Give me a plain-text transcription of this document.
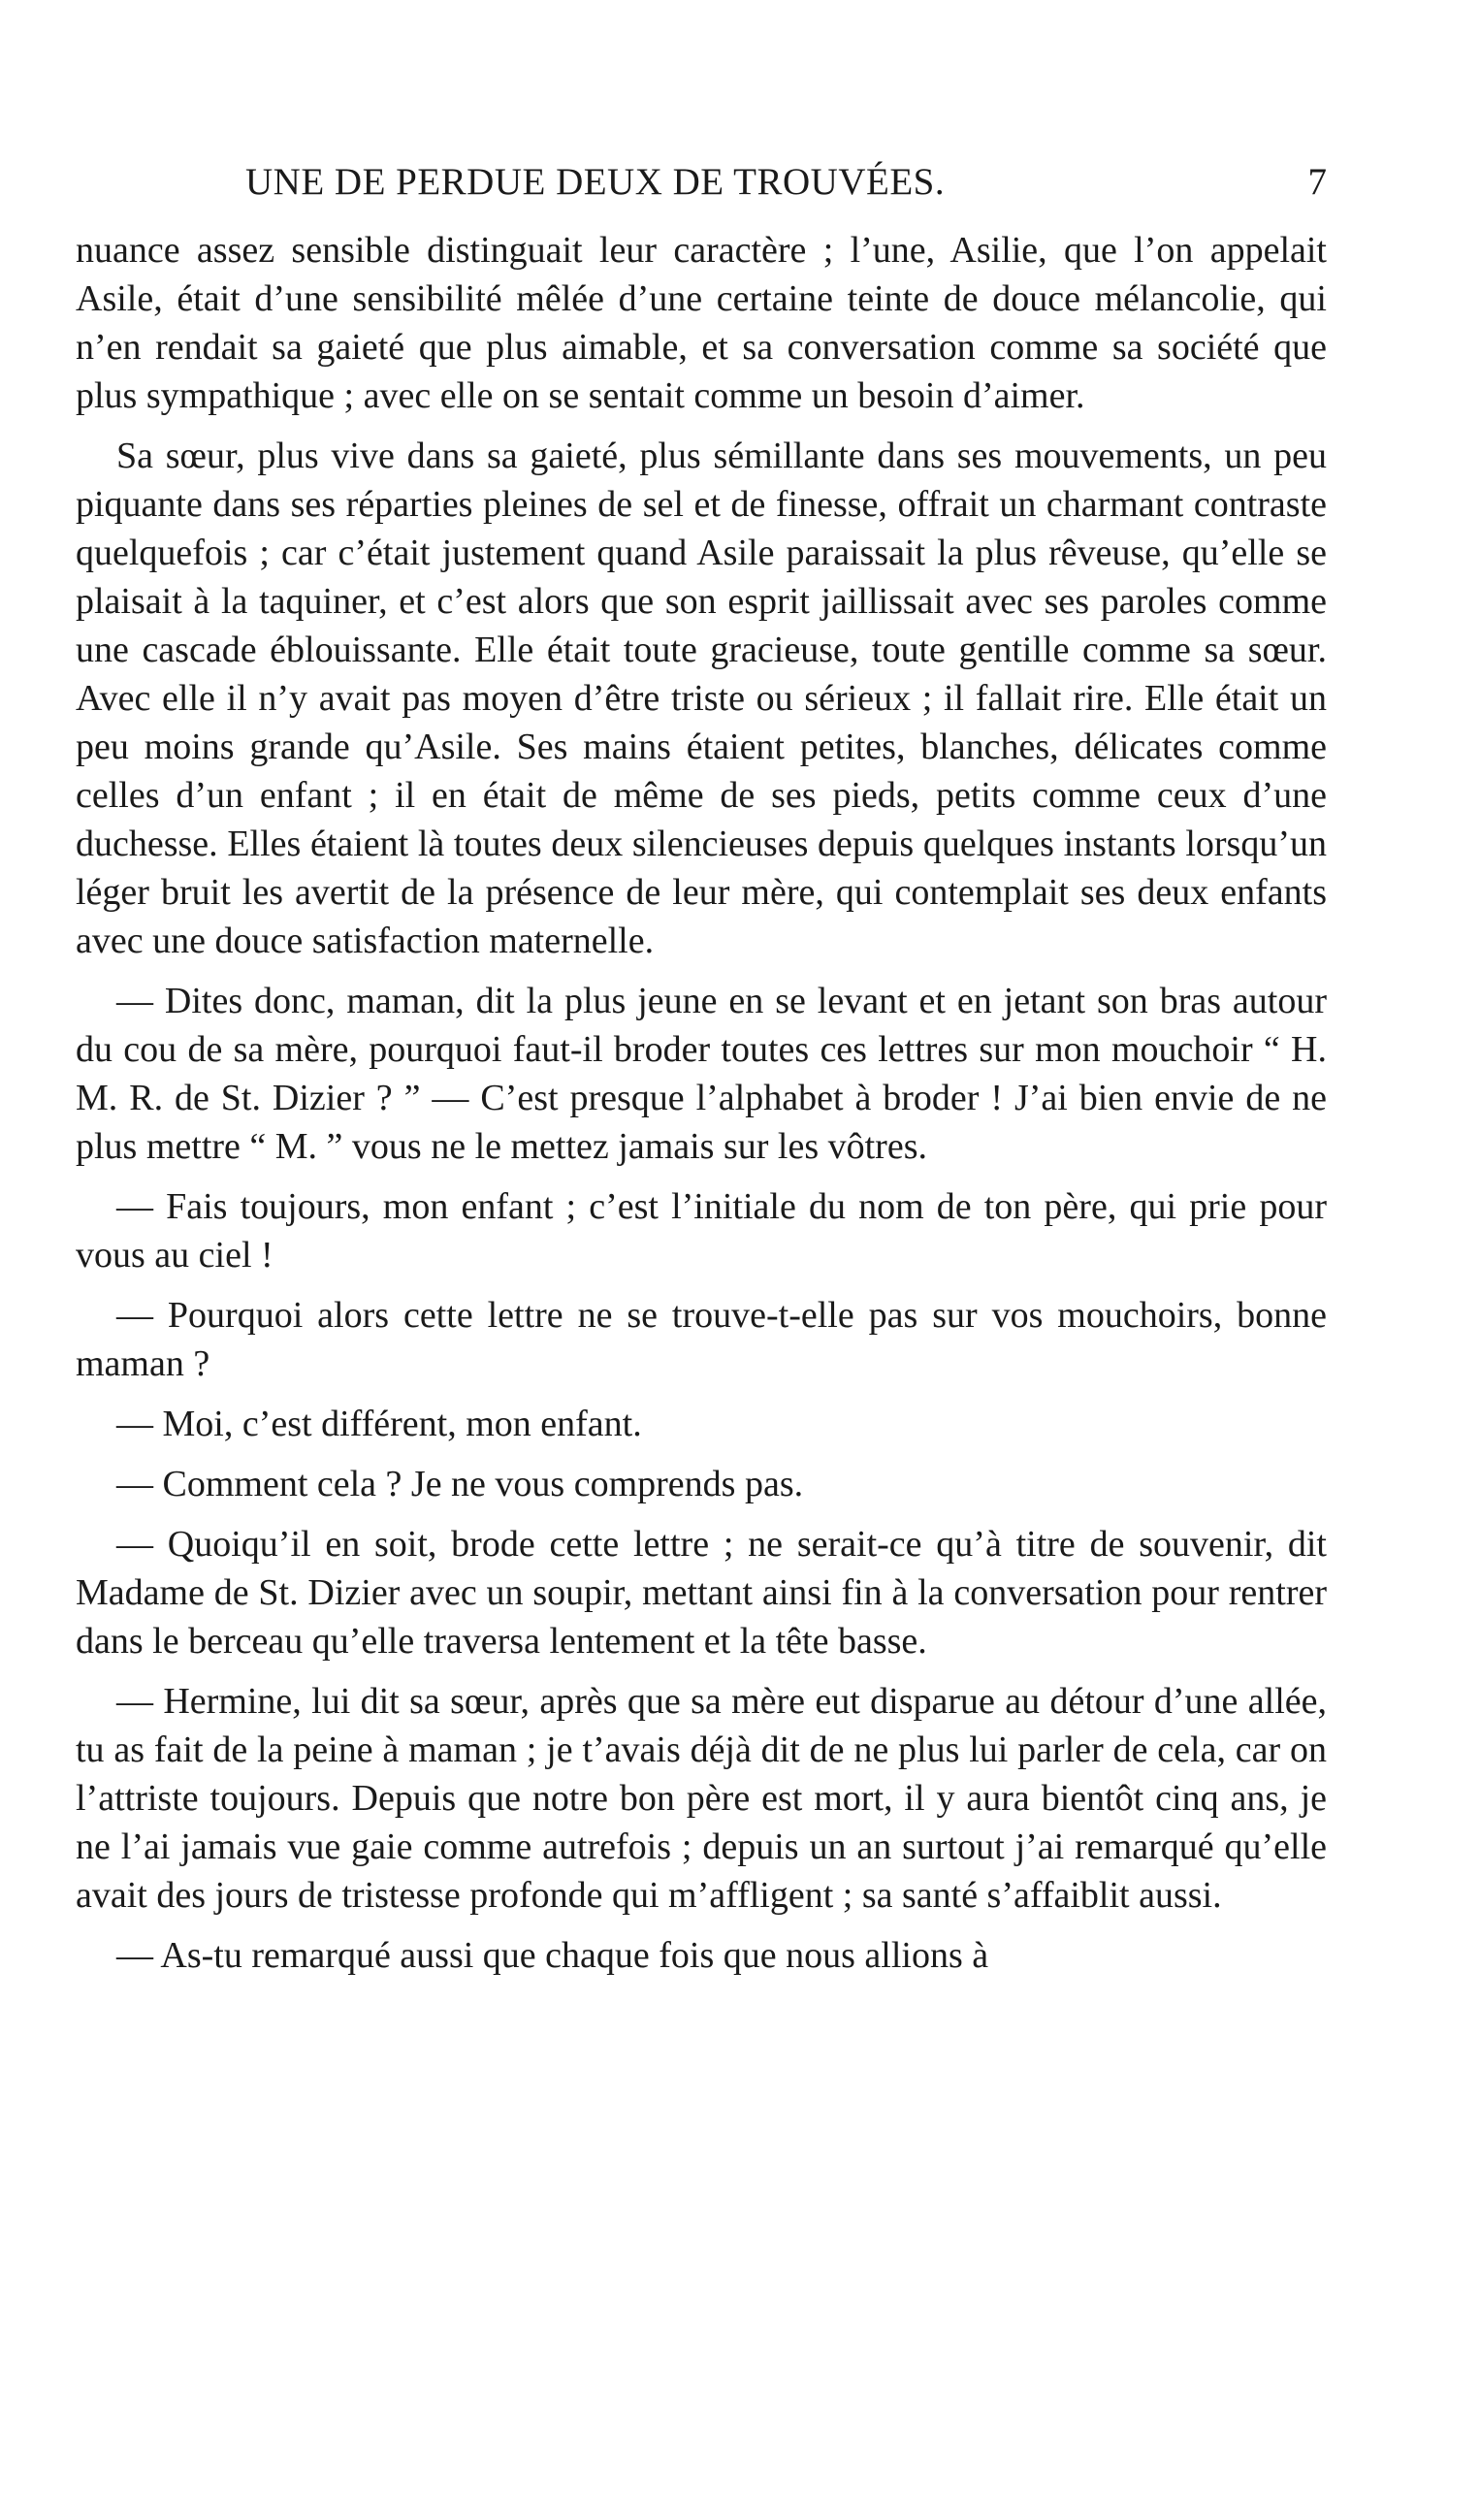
UNE DE PERDUE DEUX DE TROUVÉES.	7

nuance assez sensible distinguait leur caractère ; l’une, Asilie, que l’on appelait Asile, était d’une sensibilité mêlée d’une certaine teinte de douce mélancolie, qui n’en rendait sa gaieté que plus aimable, et sa conversation comme sa société que plus sympathique ; avec elle on se sentait comme un besoin d’aimer.

Sa sœur, plus vive dans sa gaieté, plus sémillante dans ses mouvements, un peu piquante dans ses réparties pleines de sel et de finesse, offrait un charmant contraste quelquefois ; car c’était justement quand Asile paraissait la plus rêveuse, qu’elle se plaisait à la taquiner, et c’est alors que son esprit jaillissait avec ses paroles comme une cascade éblouissante. Elle était toute gracieuse, toute gentille comme sa sœur. Avec elle il n’y avait pas moyen d’être triste ou sérieux ; il fallait rire. Elle était un peu moins grande qu’Asile. Ses mains étaient petites, blanches, délicates comme celles d’un enfant ; il en était de même de ses pieds, petits comme ceux d’une duchesse. Elles étaient là toutes deux silencieuses depuis quelques instants lorsqu’un léger bruit les avertit de la présence de leur mère, qui contemplait ses deux enfants avec une douce satisfaction maternelle.

— Dites donc, maman, dit la plus jeune en se levant et en jetant son bras autour du cou de sa mère, pourquoi faut-il broder toutes ces lettres sur mon mouchoir “ H. M. R. de St. Dizier ? ” — C’est presque l’alphabet à broder ! J’ai bien envie de ne plus mettre “ M. ” vous ne le mettez jamais sur les vôtres.

— Fais toujours, mon enfant ; c’est l’initiale du nom de ton père, qui prie pour vous au ciel !

— Pourquoi alors cette lettre ne se trouve-t-elle pas sur vos mouchoirs, bonne maman ?

— Moi, c’est différent, mon enfant.

— Comment cela ? Je ne vous comprends pas.

— Quoiqu’il en soit, brode cette lettre ; ne serait-ce qu’à titre de souvenir, dit Madame de St. Dizier avec un soupir, mettant ainsi fin à la conversation pour rentrer dans le berceau qu’elle traversa lentement et la tête basse.

— Hermine, lui dit sa sœur, après que sa mère eut disparue au détour d’une allée, tu as fait de la peine à maman ; je t’avais déjà dit de ne plus lui parler de cela, car on l’attriste toujours. Depuis que notre bon père est mort, il y aura bientôt cinq ans, je ne l’ai jamais vue gaie comme autrefois ; depuis un an surtout j’ai remarqué qu’elle avait des jours de tristesse profonde qui m’affligent ; sa santé s’affaiblit aussi.

— As-tu remarqué aussi que chaque fois que nous allions à
